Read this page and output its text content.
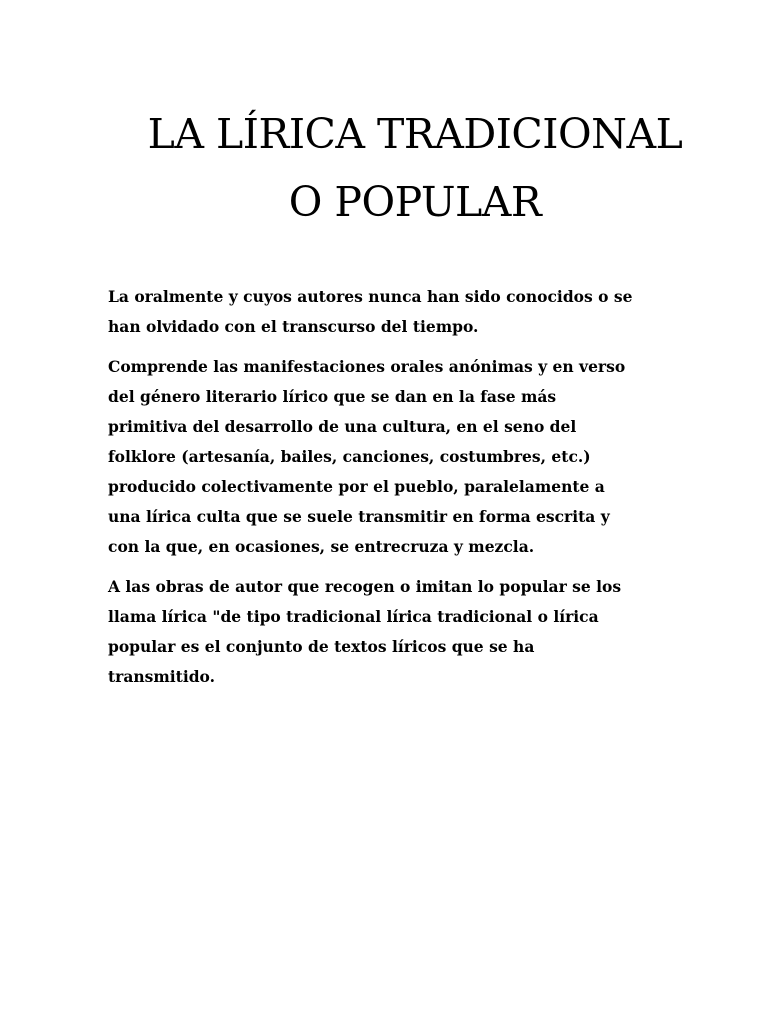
LA LÍRICA TRADICIONAL
O POPULAR

La oralmente y cuyos autores nunca han sido conocidos o se
han olvidado con el transcurso del tiempo.

Comprende las manifestaciones orales anónimas y en verso
del género literario lírico que se dan en la fase más
primitiva del desarrollo de una cultura, en el seno del
folklore (artesanía, bailes, canciones, costumbres, etc.)
producido colectivamente por el pueblo, paralelamente a
una lírica culta que se suele transmitir en forma escrita y
con la que, en ocasiones, se entrecruza y mezcla.

A las obras de autor que recogen o imitan lo popular se los
llama lírica "de tipo tradicional lírica tradicional o lírica
popular es el conjunto de textos líricos que se ha
transmitido.
